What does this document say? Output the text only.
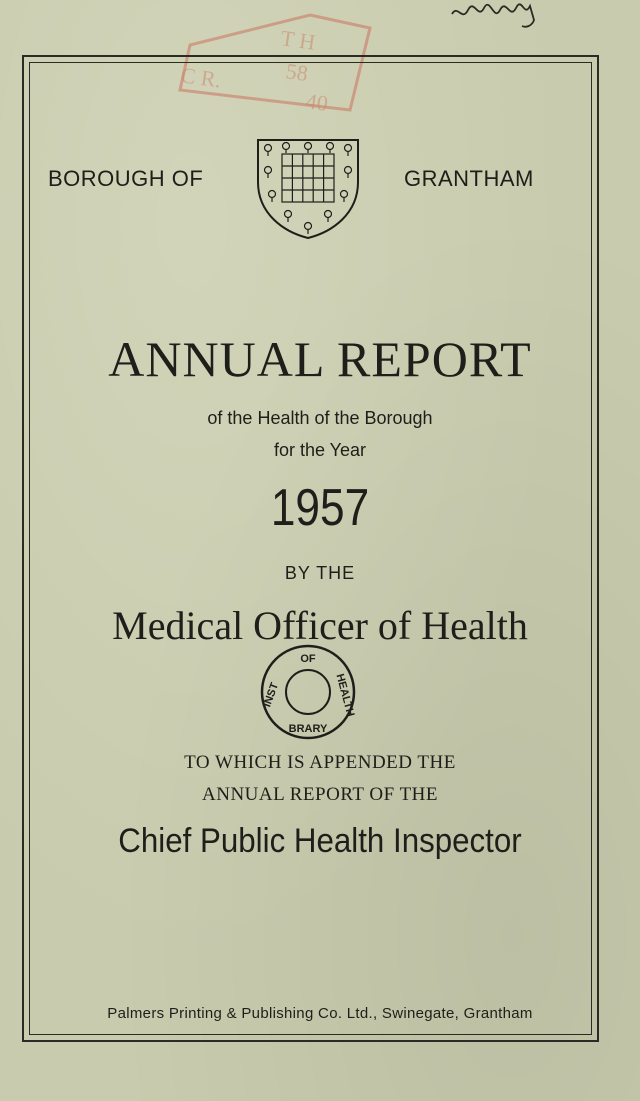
T H
C R.	58
40
BOROUGH OF	GRANTHAM
ANNUAL REPORT
of the Health of the Borough
for the Year
1957
BY THE
Medical Officer of Health
OF
BRARY
INST	HEALTH
TO WHICH IS APPENDED THE
ANNUAL REPORT OF THE
Chief Public Health Inspector
Palmers Printing & Publishing Co. Ltd., Swinegate, Grantham
